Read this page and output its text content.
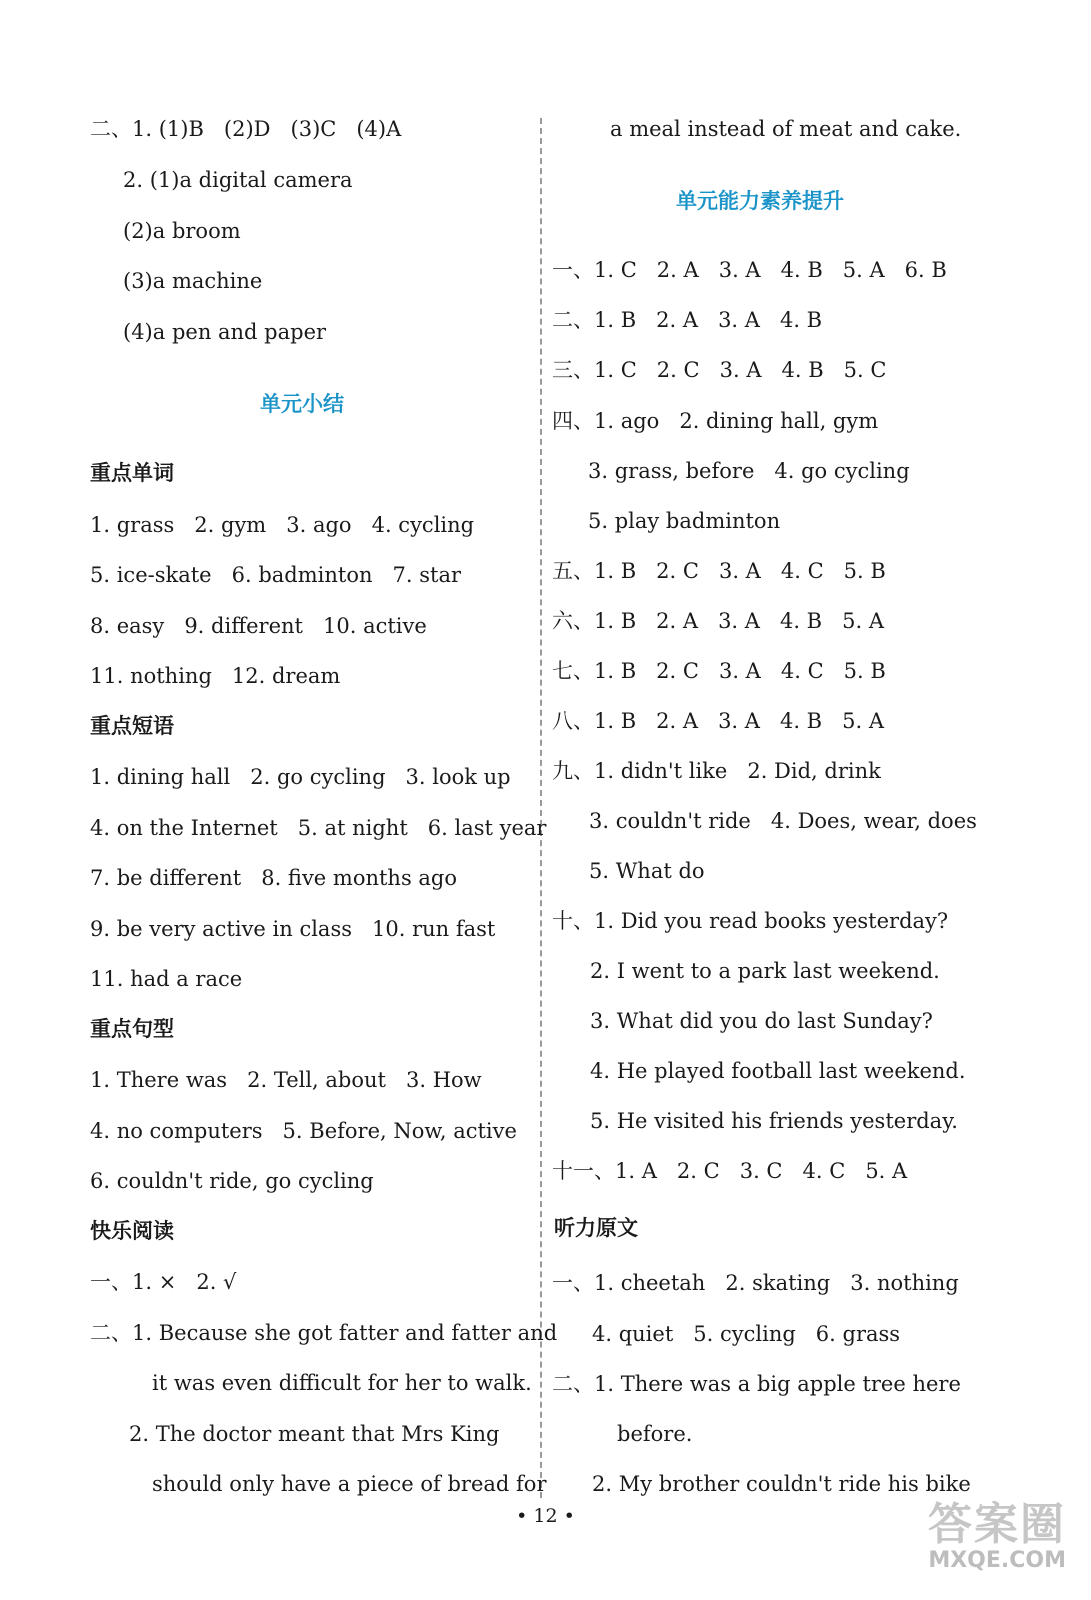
二、1. (1)B   (2)D   (3)C   (4)A
2. (1)a digital camera
(2)a broom
(3)a machine
(4)a pen and paper
单元小结
重点单词
1. grass   2. gym   3. ago   4. cycling
5. ice-skate   6. badminton   7. star
8. easy   9. different   10. active
11. nothing   12. dream
重点短语
1. dining hall   2. go cycling   3. look up
4. on the Internet   5. at night   6. last year
7. be different   8. five months ago
9. be very active in class   10. run fast
11. had a race
重点句型
1. There was   2. Tell, about   3. How
4. no computers   5. Before, Now, active
6. couldn't ride, go cycling
快乐阅读
一、1. ×   2. √
二、1. Because she got fatter and fatter and
it was even difficult for her to walk.
2. The doctor meant that Mrs King
should only have a piece of bread for
a meal instead of meat and cake.
单元能力素养提升
一、1. C   2. A   3. A   4. B   5. A   6. B
二、1. B   2. A   3. A   4. B
三、1. C   2. C   3. A   4. B   5. C
四、1. ago   2. dining hall, gym
3. grass, before   4. go cycling
5. play badminton
五、1. B   2. C   3. A   4. C   5. B
六、1. B   2. A   3. A   4. B   5. A
七、1. B   2. C   3. A   4. C   5. B
八、1. B   2. A   3. A   4. B   5. A
九、1. didn't like   2. Did, drink
3. couldn't ride   4. Does, wear, does
5. What do
十、1. Did you read books yesterday?
2. I went to a park last weekend.
3. What did you do last Sunday?
4. He played football last weekend.
5. He visited his friends yesterday.
十一、1. A   2. C   3. C   4. C   5. A
听力原文
一、1. cheetah   2. skating   3. nothing
4. quiet   5. cycling   6. grass
二、1. There was a big apple tree here
before.
2. My brother couldn't ride his bike
• 12 •	答案圈
MXQE.COM
